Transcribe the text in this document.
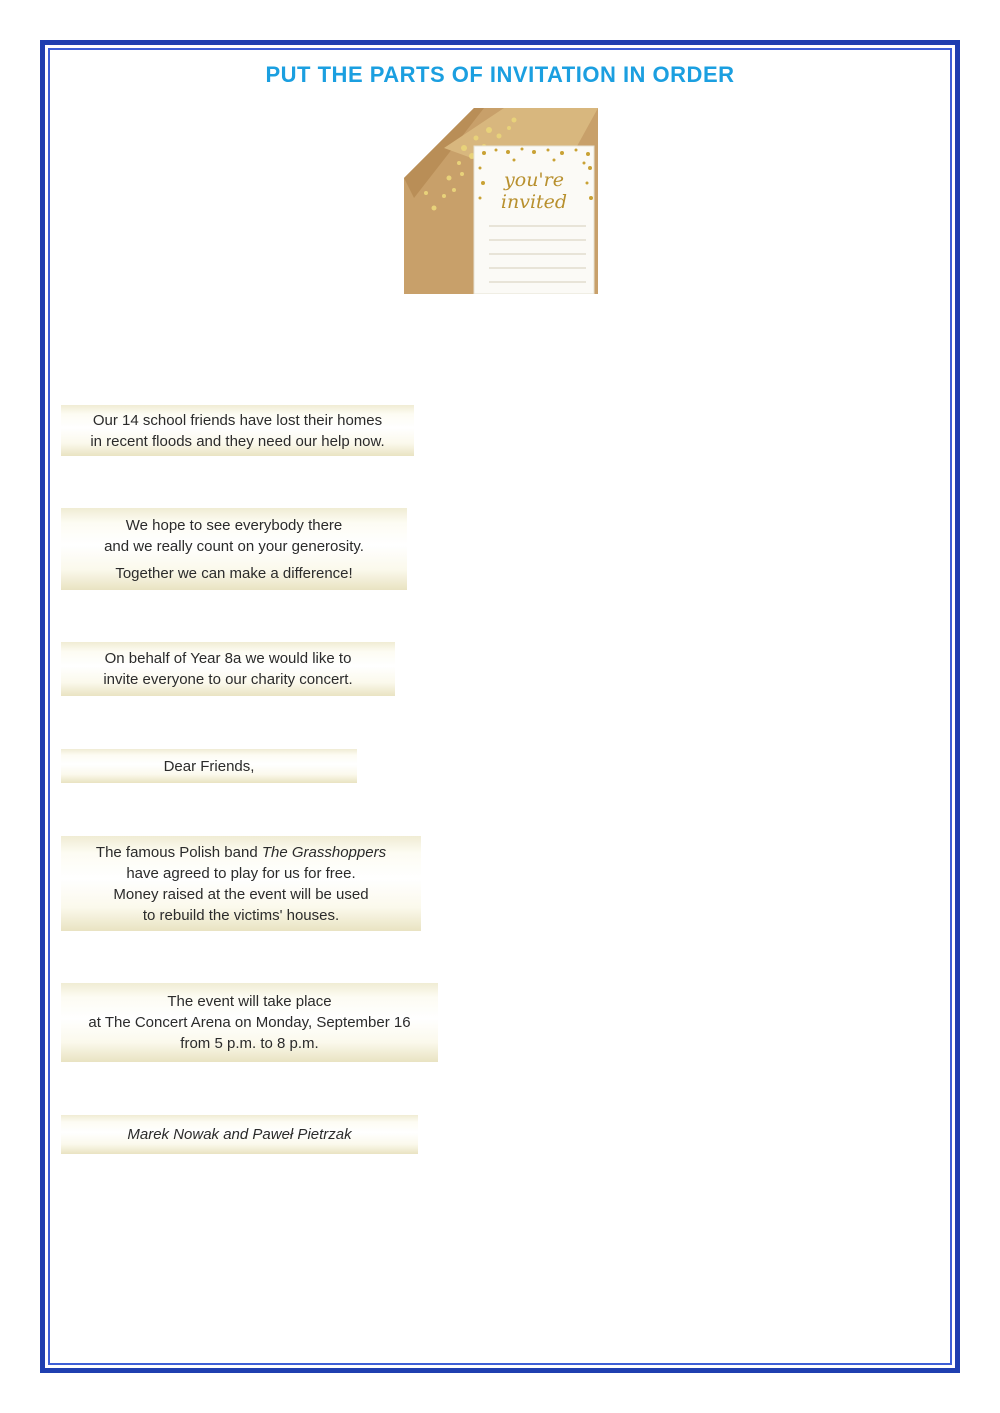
PUT THE PARTS OF INVITATION IN ORDER
you're
invited
Our 14 school friends have lost their homes
in recent floods and they need our help now.
We hope to see everybody there
and we really count on your generosity.
Together we can make a difference!
On behalf of Year 8a we would like to
invite everyone to our charity concert.
Dear Friends,
The famous Polish band The Grasshoppers
have agreed to play for us for free.
Money raised at the event will be used
to rebuild the victims' houses.
The event will take place
at The Concert Arena on Monday, September 16
from 5 p.m. to 8 p.m.
Marek Nowak and Paweł Pietrzak
